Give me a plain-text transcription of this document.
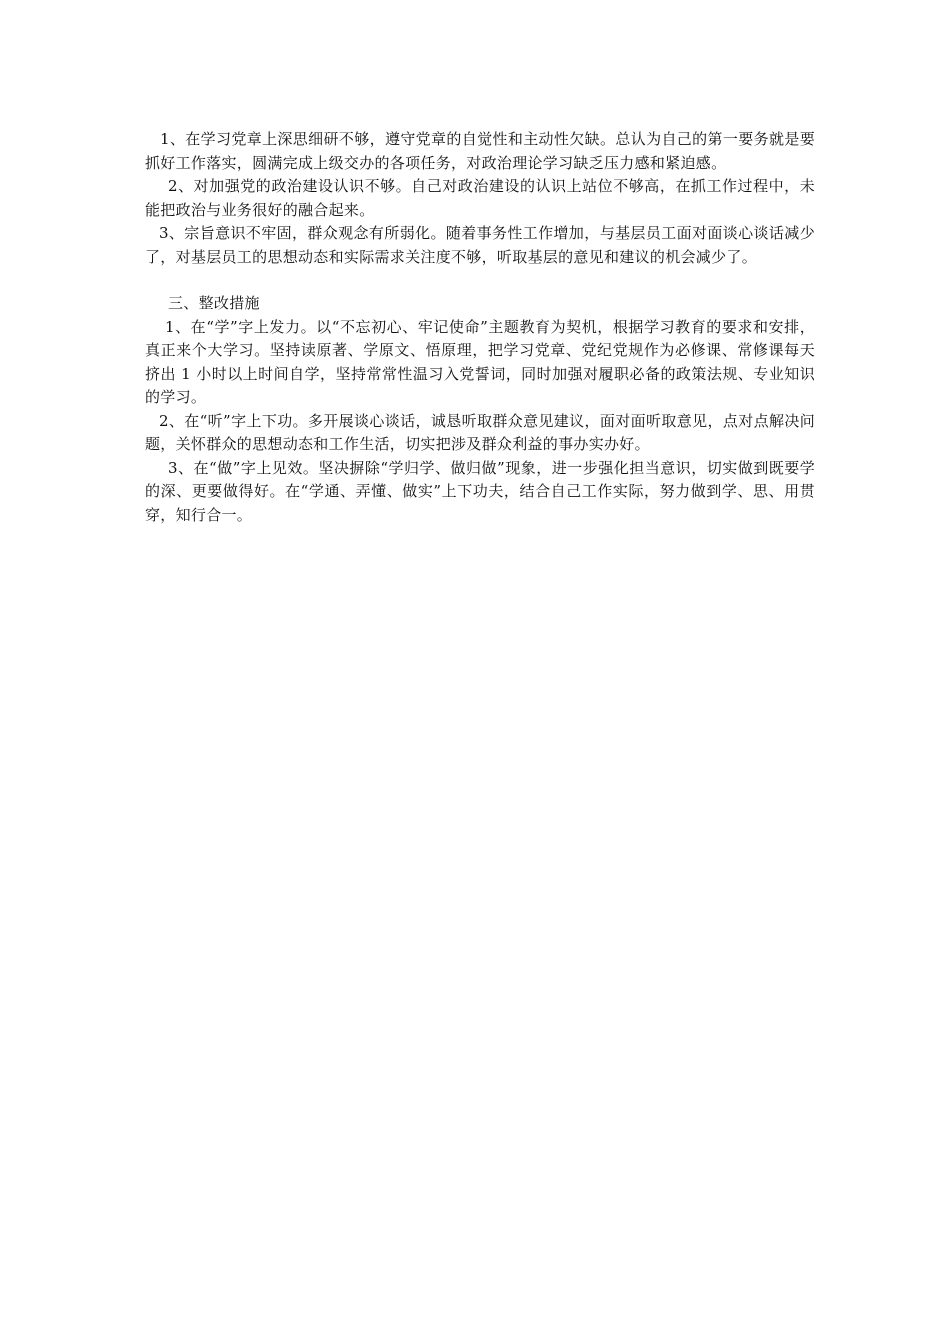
1、在学习党章上深思细研不够，遵守党章的自觉性和主动性欠缺。总认为自己的第一要务就是要抓好工作落实，圆满完成上级交办的各项任务，对政治理论学习缺乏压力感和紧迫感。

2、对加强党的政治建设认识不够。自己对政治建设的认识上站位不够高，在抓工作过程中，未能把政治与业务很好的融合起来。

3、宗旨意识不牢固，群众观念有所弱化。随着事务性工作增加，与基层员工面对面谈心谈话减少了，对基层员工的思想动态和实际需求关注度不够，听取基层的意见和建议的机会减少了。

三、整改措施

1、在“学”字上发力。以“不忘初心、牢记使命”主题教育为契机，根据学习教育的要求和安排，真正来个大学习。坚持读原著、学原文、悟原理，把学习党章、党纪党规作为必修课、常修课每天挤出 1 小时以上时间自学，坚持常常性温习入党誓词，同时加强对履职必备的政策法规、专业知识的学习。

2、在“听”字上下功。多开展谈心谈话，诚恳听取群众意见建议，面对面听取意见，点对点解决问题，关怀群众的思想动态和工作生活，切实把涉及群众利益的事办实办好。

3、在“做”字上见效。坚决摒除“学归学、做归做”现象，进一步强化担当意识，切实做到既要学的深、更要做得好。在“学通、弄懂、做实”上下功夫，结合自己工作实际，努力做到学、思、用贯穿，知行合一。
